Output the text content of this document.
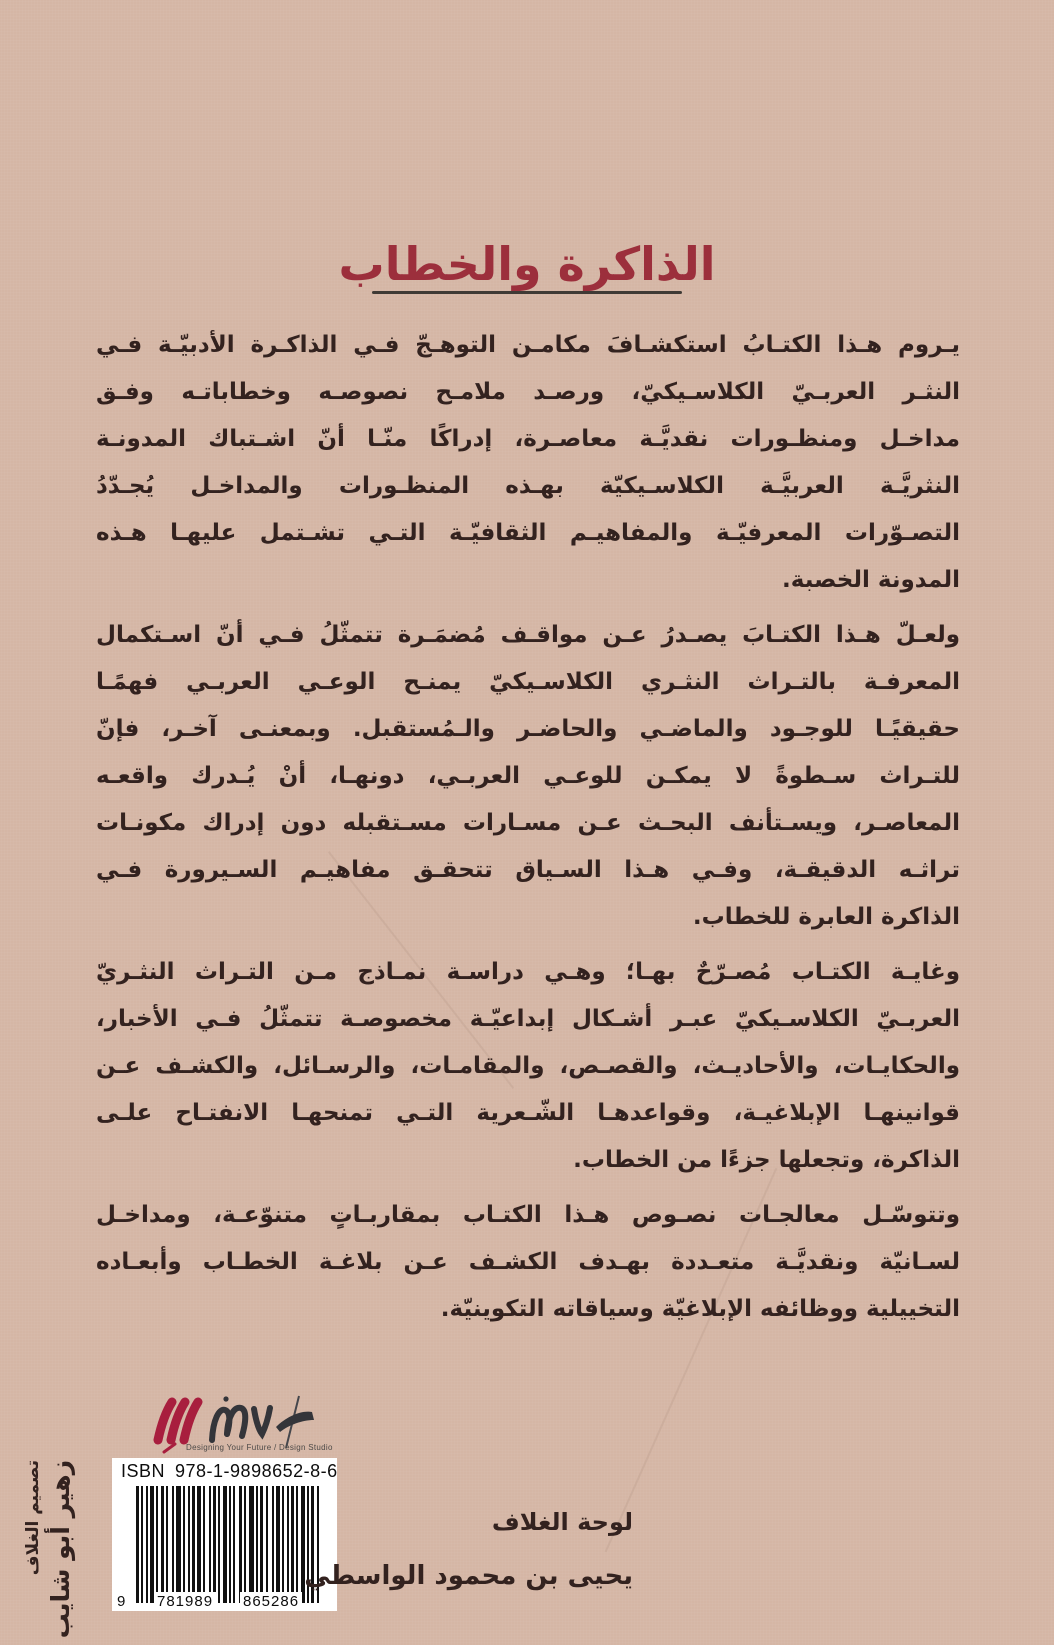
الذاكرة والخطاب
يـروم هـذا الكتـابُ استكشـافَ مكامـن التوهـجّ فـي الذاكـرة الأدبيّـة فـي
النثـر العربـيّ الكلاسـيكيّ، ورصـد ملامـح نصوصـه وخطاباتـه وفـق
مداخـل ومنظـورات نقديَّـة معاصـرة، إدراكًا منّـا أنّ اشـتباك المدونـة
النثريَّـة العربيَّـة الكلاسـيكيّة بهـذه المنظـورات والمداخـل يُجـدّدُ
التصـوّرات المعرفيّـة والمفاهيـم الثقافيّـة التـي تشـتمل عليهـا هـذه
المدونة الخصبة.
ولعـلّ هـذا الكتـابَ يصـدرُ عـن مواقـف مُضمَـرة تتمثّلُ فـي أنّ اسـتكمال
المعرفـة بالتـراث النثـري الكلاسـيكيّ يمنـح الوعـي العربـي فهمًـا
حقيقيًـا للوجـود والماضـي والحاضـر والـمُستقبل. وبمعنـى آخـر، فإنّ
للتـراث سـطوةً لا يمكـن للوعـي العربـي، دونهـا، أنْ يُـدرك واقعـه
المعاصـر، ويسـتأنف البحـث عـن مسـارات مسـتقبله دون إدراك مكونـات
تراثـه الدقيقـة، وفـي هـذا السـياق تتحقـق مفاهيـم السـيرورة فـي
الذاكرة العابرة للخطاب.
وغايـة الكتـاب مُصـرّحٌ بهـا؛ وهـي دراسـة نمـاذج مـن التـراث النثـريّ
العربـيّ الكلاسـيكيّ عبـر أشـكال إبداعيّـة مخصوصـة تتمثّلُ فـي الأخبار،
والحكايـات، والأحاديـث، والقصـص، والمقامـات، والرسـائل، والكشـف عـن
قوانينهـا الإبلاغيـة، وقواعدهـا الشّـعرية التـي تمنحهـا الانفتـاح علـى
الذاكرة، وتجعلها جزءًا من الخطاب.
وتتوسّـل معالجـات نصـوص هـذا الكتـاب بمقاربـاتٍ متنوّعـة، ومداخـل
لسـانيّة ونقديَّـة متعـددة بهـدف الكشـف عـن بلاغـة الخطـاب وأبعـاده
التخييلية ووظائفه الإبلاغيّة وسياقاته التكوينيّة.
Designing Your Future / Design Studio
ISBN 978-1-9898652-8-6
9 781989 865286
لوحة الغلاف
يحيى بن محمود الواسطي
تصميم الغلاف زهير أبو شايب
